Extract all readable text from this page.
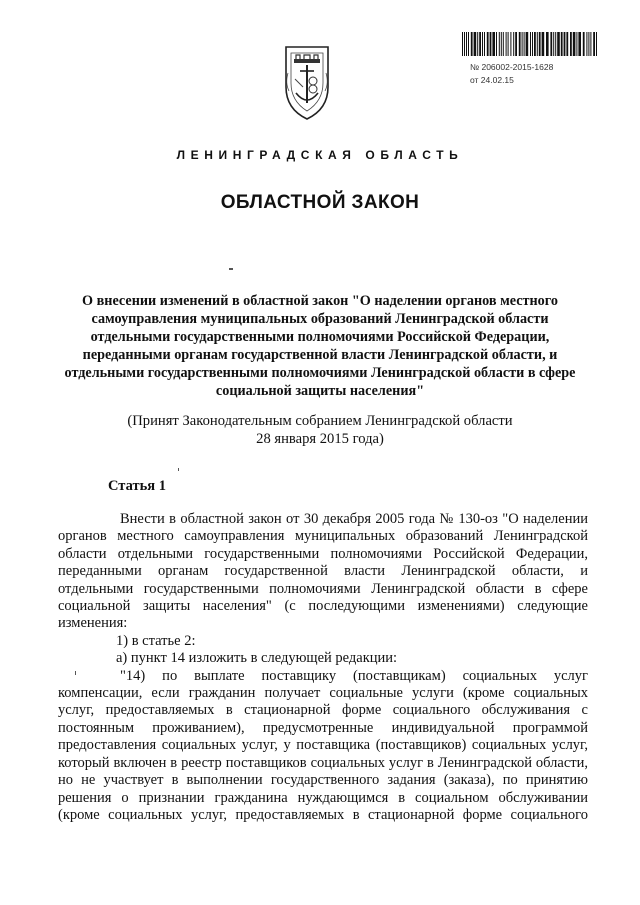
№ 206002-2015-1628
от 24.02.15
ЛЕНИНГРАДСКАЯ ОБЛАСТЬ
ОБЛАСТНОЙ ЗАКОН
О внесении изменений в областной закон "О наделении органов местного самоуправления муниципальных образований Ленинградской области отдельными государственными полномочиями Российской Федерации, переданными органам государственной власти Ленинградской области, и отдельными государственными полномочиями Ленинградской области в сфере социальной защиты населения"
(Принят Законодательным собранием Ленинградской области
28 января 2015 года)
Статья 1

Внести в областной закон от 30 декабря 2005 года № 130-оз "О наделении органов местного самоуправления муниципальных образований Ленинградской области отдельными государственными полномочиями Российской Федерации, переданными органам государственной власти Ленинградской области, и отдельными государственными полномочиями Ленинградской области в сфере социальной защиты населения" (с последующими изменениями) следующие изменения:

1) в статье 2:

а) пункт 14 изложить в следующей редакции:

"14) по выплате поставщику (поставщикам) социальных услуг компенсации, если гражданин получает социальные услуги (кроме социальных услуг, предоставляемых в стационарной форме социального обслуживания с постоянным проживанием), предусмотренные индивидуальной программой предоставления социальных услуг, у поставщика (поставщиков) социальных услуг, который включен в реестр поставщиков социальных услуг в Ленинградской области, но не участвует в выполнении государственного задания (заказа), по принятию решения о признании гражданина нуждающимся в социальном обслуживании (кроме социальных услуг, предоставляемых в стационарной форме социального
